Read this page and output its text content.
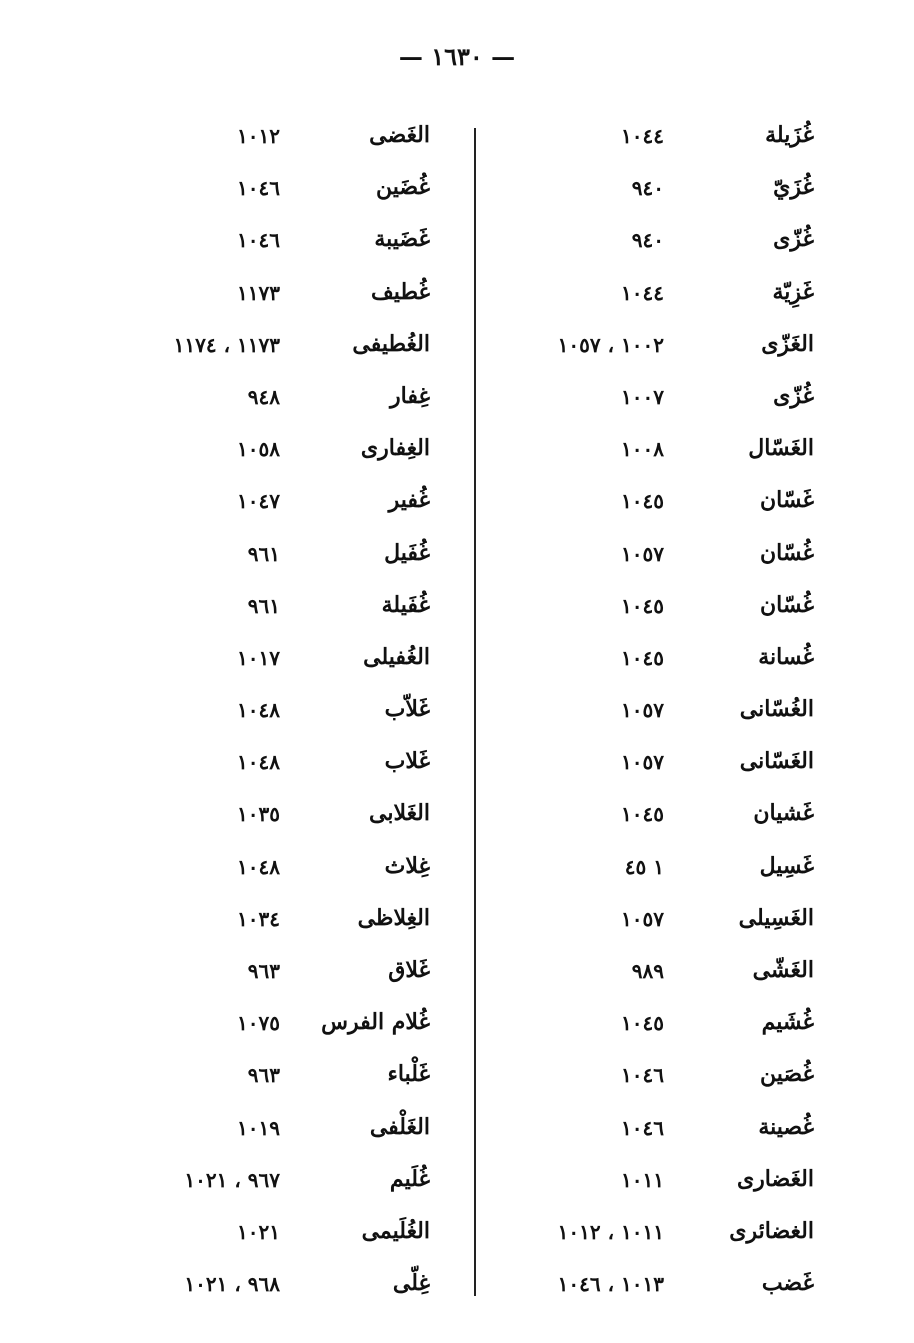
— ١٦٣٠ —
غُزَيلة
١٠٤٤
غُزَيّ
٩٤٠
غُزّى
٩٤٠
غَزِيّة
١٠٤٤
الغَزّى
١٠٠٢ ، ١٠٥٧
غُزّى
١٠٠٧
الغَسّال
١٠٠٨
غَسّان
١٠٤٥
غُسّان
١٠٥٧
غُسّان
١٠٤٥
غُسانة
١٠٤٥
الغُسّانى
١٠٥٧
الغَسّانى
١٠٥٧
غَشيان
١٠٤٥
غَسِيل
١ ٤٥
الغَسِيلى
١٠٥٧
الغَشّى
٩٨٩
غُشَيم
١٠٤٥
غُصَين
١٠٤٦
غُصينة
١٠٤٦
الغَضارى
١٠١١
الغضائرى
١٠١١ ، ١٠١٢
غَضب
١٠١٣ ، ١٠٤٦
الغَضى
١٠١٢
غُضَين
١٠٤٦
غَضَيبة
١٠٤٦
غُطيف
١١٧٣
الغُطيفى
١١٧٣ ، ١١٧٤
غِفار
٩٤٨
الغِفارى
١٠٥٨
غُفير
١٠٤٧
غُفَيل
٩٦١
غُفَيلة
٩٦١
الغُفيلى
١٠١٧
غَلاّب
١٠٤٨
غَلاب
١٠٤٨
الغَلابى
١٠٣٥
غِلاث
١٠٤٨
الغِلاظى
١٠٣٤
غَلاق
٩٦٣
غُلام الفرس
١٠٧٥
غَلْباء
٩٦٣
الغَلْفى
١٠١٩
غُلَيم
٩٦٧ ، ١٠٢١
الغُلَيمى
١٠٢١
غِلّى
٩٦٨ ، ١٠٢١
